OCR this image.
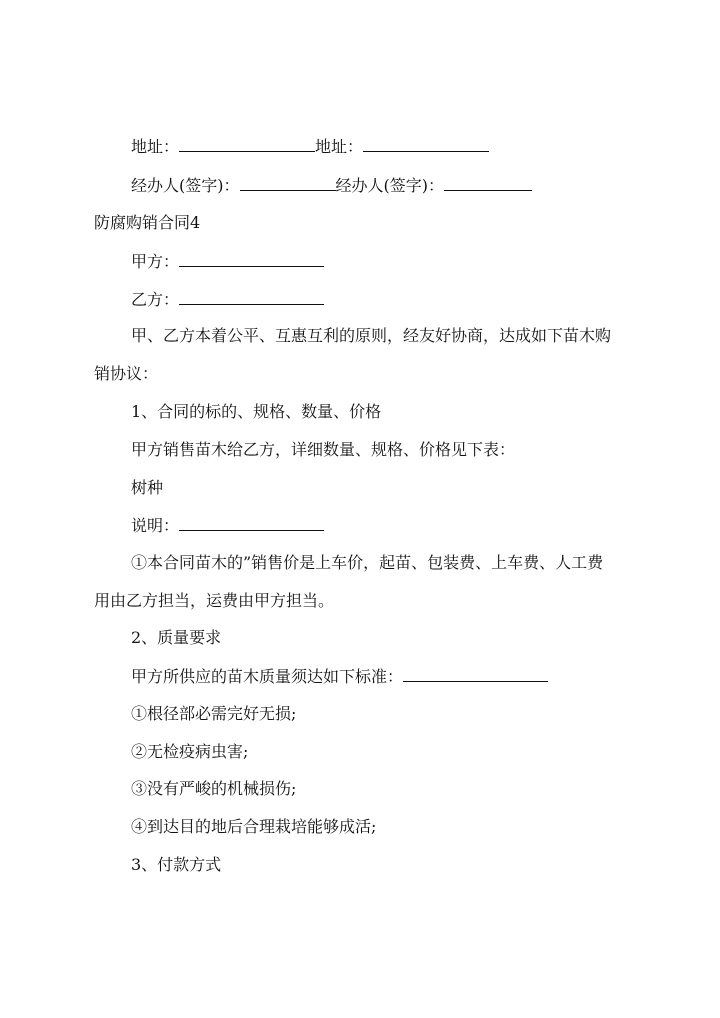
地址：	地址：
经办人(签字)：	经办人(签字)：
防腐购销合同4
甲方：
乙方：
甲、乙方本着公平、互惠互利的原则，经友好协商，达成如下苗木购
销协议：
1、合同的标的、规格、数量、价格
甲方销售苗木给乙方，详细数量、规格、价格见下表：
树种
说明：
①本合同苗木的”销售价是上车价，起苗、包装费、上车费、人工费
用由乙方担当，运费由甲方担当。
2、质量要求
甲方所供应的苗木质量须达如下标准：
①根径部必需完好无损;
②无检疫病虫害;
③没有严峻的机械损伤;
④到达目的地后合理栽培能够成活;
3、付款方式
